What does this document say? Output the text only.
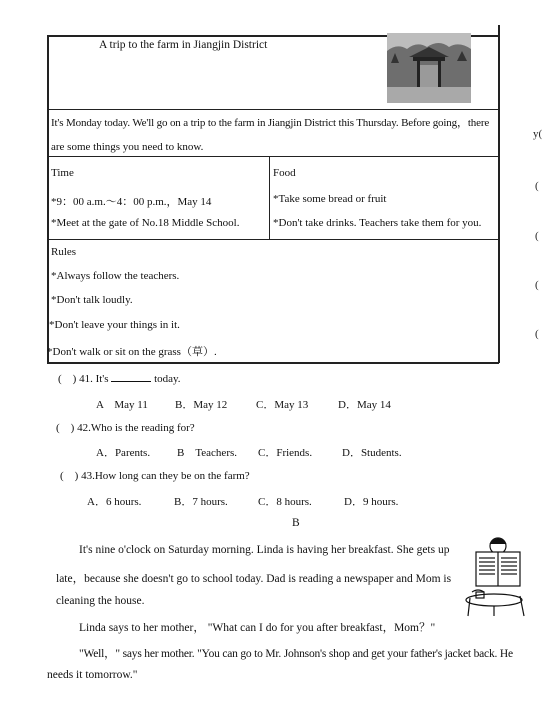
A trip to the farm in Jiangjin District
It's Monday today. We'll go on a trip to the farm in Jiangjin District this Thursday. Before going，there
are some things you need to know.
Time
*9：00 a.m.～4：00 p.m.，May 14
*Meet at the gate of No.18 Middle School.
Food
*Take some bread or fruit
*Don't take drinks. Teachers take them for you.
Rules
*Always follow the teachers.
*Don't talk loudly.
*Don't leave your things in it.
*Don't walk or sit on the grass（草）.
y(
(
(
(
(
(　) 41. It's	today.
A　May 11 B．May 12	C．May 13	D．May 14
(　) 42.Who is the reading for?
A．Parents. B　Teachers. C．Friends.	D．Students.
(　) 43.How long can they be on the farm?
A．6 hours.	B．7 hours.	C．8 hours.	D．9 hours.
B
It's nine o'clock on Saturday morning. Linda is having her breakfast. She gets up
late，because she doesn't go to school today. Dad is reading a newspaper and Mom is
cleaning the house.
Linda says to her mother， "What can I do for you after breakfast，Mom？"
"Well，" says her mother. "You can go to Mr. Johnson's shop and get your father's jacket back. He
needs it tomorrow."
